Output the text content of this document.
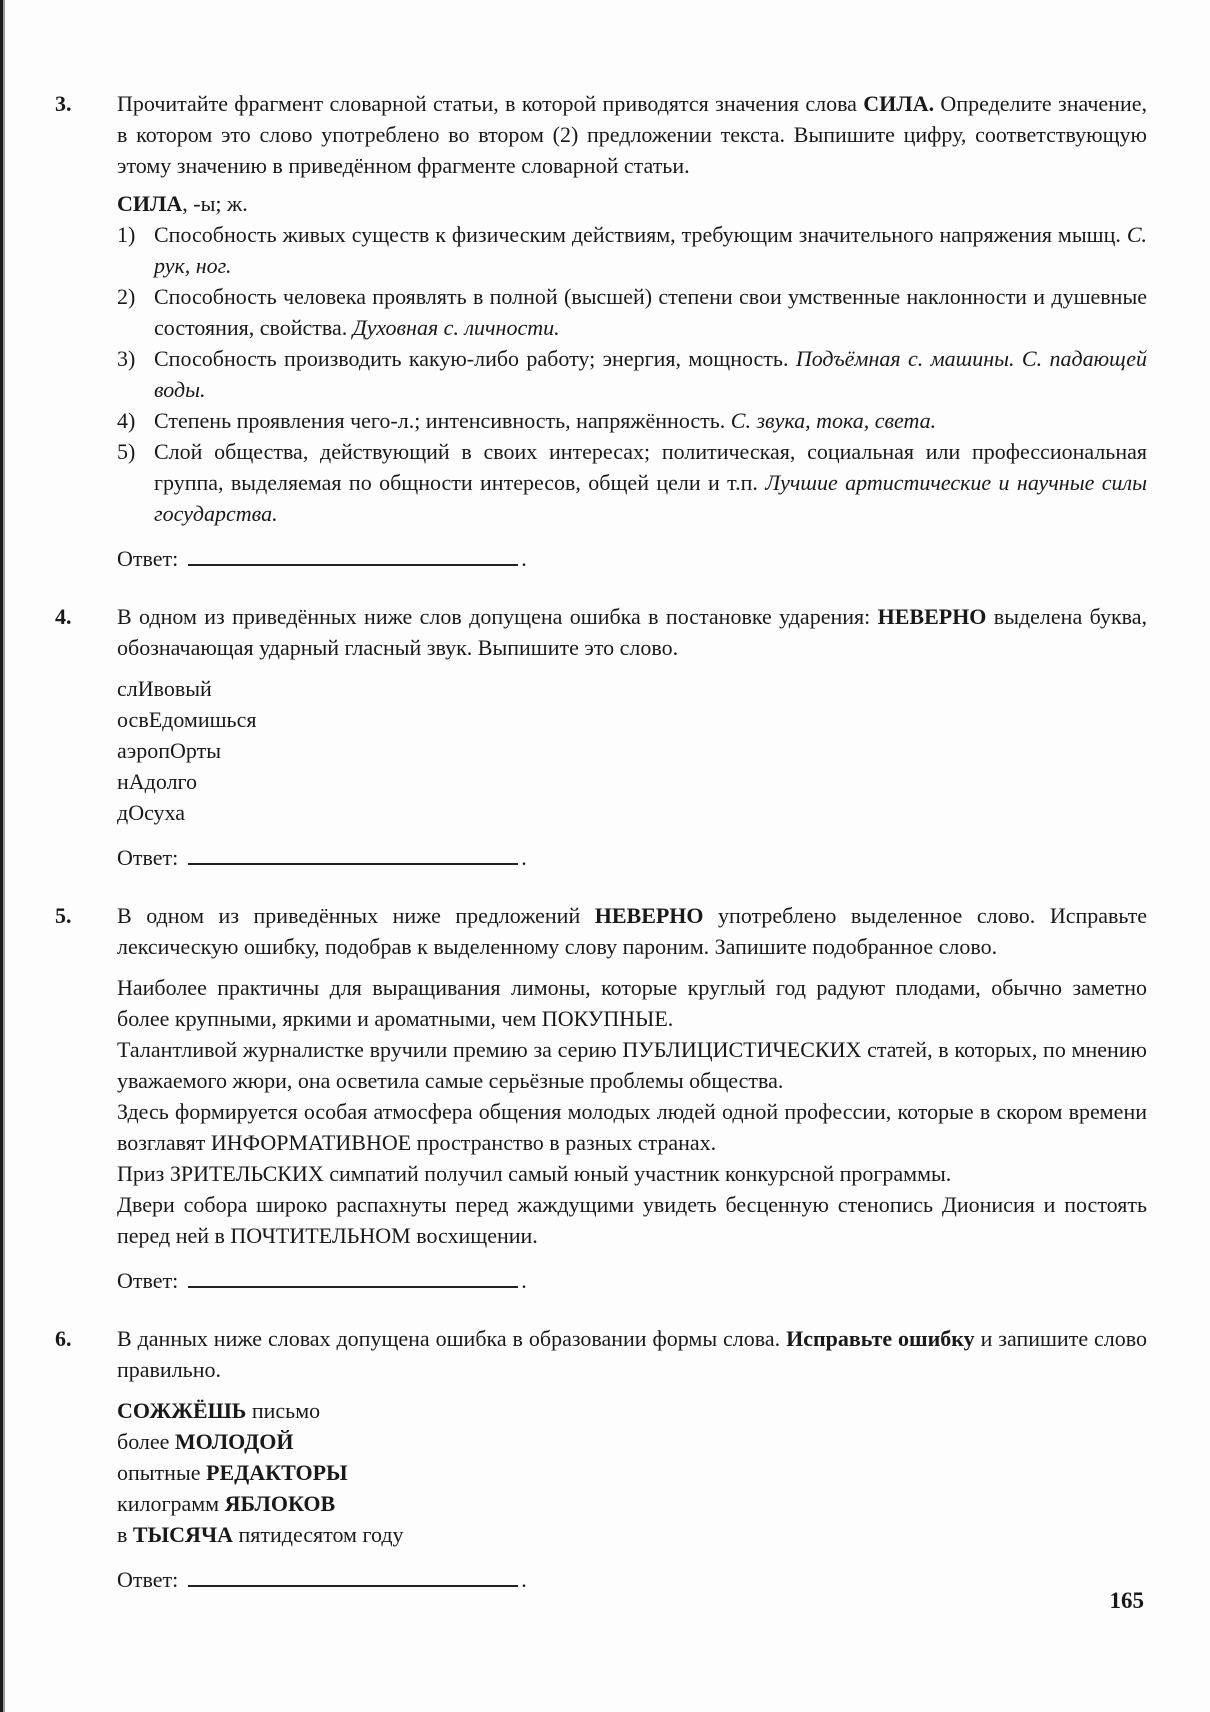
3.	Прочитайте фрагмент словарной статьи, в которой приводятся значения слова СИЛА. Определите значение, в котором это слово употреблено во втором (2) предложении текста. Выпишите цифру, соответствующую этому значению в приведённом фрагменте словарной статьи.

СИЛА, -ы; ж.

1) Способность живых существ к физическим действиям, требующим значительного напряжения мышц. С. рук, ног.
2) Способность человека проявлять в полной (высшей) степени свои умственные наклонности и душевные состояния, свойства. Духовная с. личности.
3) Способность производить какую-либо работу; энергия, мощность. Подъёмная с. машины. С. падающей воды.
4) Степень проявления чего-л.; интенсивность, напряжённость. С. звука, тока, света.
5) Слой общества, действующий в своих интересах; политическая, социальная или профессиональная группа, выделяемая по общности интересов, общей цели и т.п. Лучшие артистические и научные силы государства.
Ответ:	.
4.	В одном из приведённых ниже слов допущена ошибка в постановке ударения: НЕВЕРНО выделена буква, обозначающая ударный гласный звук. Выпишите это слово.

слИвовый
освЕдомишься
аэропОрты
нАдолго
дОсуха
Ответ:	.
5.	В одном из приведённых ниже предложений НЕВЕРНО употреблено выделенное слово. Исправьте лексическую ошибку, подобрав к выделенному слову пароним. Запишите подобранное слово.

Наиболее практичны для выращивания лимоны, которые круглый год радуют плодами, обычно заметно более крупными, яркими и ароматными, чем ПОКУПНЫЕ.

Талантливой журналистке вручили премию за серию ПУБЛИЦИСТИЧЕСКИХ статей, в которых, по мнению уважаемого жюри, она осветила самые серьёзные проблемы общества.

Здесь формируется особая атмосфера общения молодых людей одной профессии, которые в скором времени возглавят ИНФОРМАТИВНОЕ пространство в разных странах.

Приз ЗРИТЕЛЬСКИХ симпатий получил самый юный участник конкурсной программы.

Двери собора широко распахнуты перед жаждущими увидеть бесценную стенопись Дионисия и постоять перед ней в ПОЧТИТЕЛЬНОМ восхищении.

Ответ:	.
6.	В данных ниже словах допущена ошибка в образовании формы слова. Исправьте ошибку и запишите слово правильно.

СОЖЖЁШЬ письмо
более МОЛОДОЙ
опытные РЕДАКТОРЫ
килограмм ЯБЛОКОВ
в ТЫСЯЧА пятидесятом году
Ответ:	.
165
